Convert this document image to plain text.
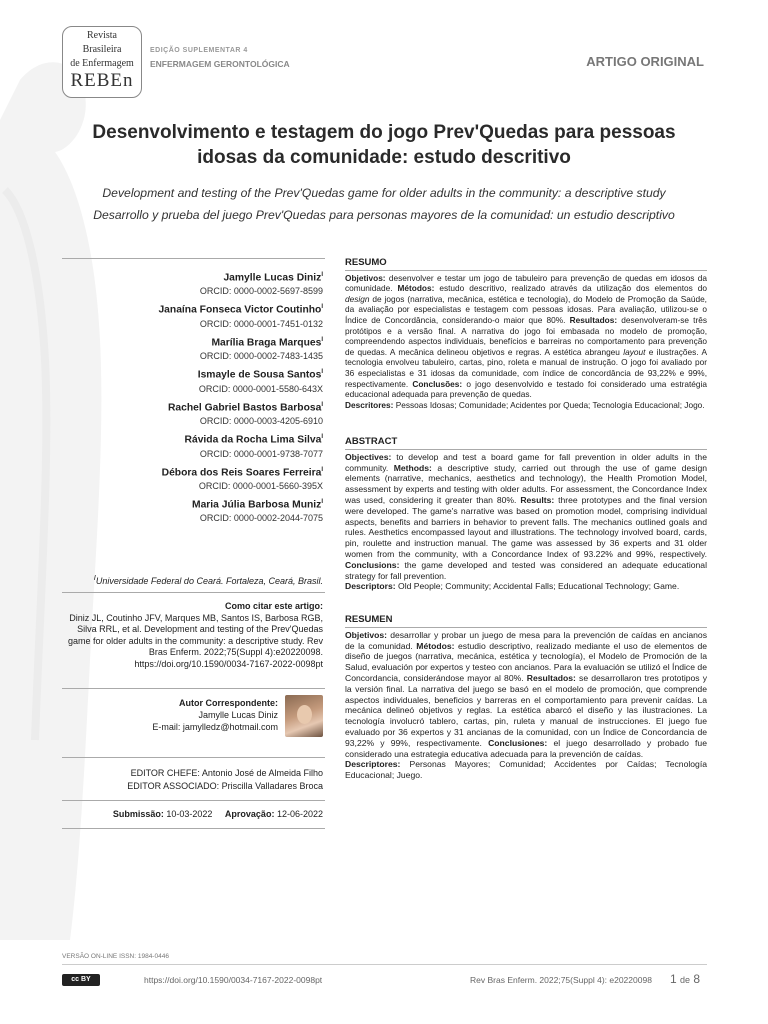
Revista
Brasileira
de Enfermagem
REBEn
EDIÇÃO SUPLEMENTAR 4
ENFERMAGEM GERONTOLÓGICA	ARTIGO ORIGINAL
Desenvolvimento e testagem do jogo Prev'Quedas para pessoas idosas da comunidade: estudo descritivo
Development and testing of the Prev'Quedas game for older adults in the community: a descriptive study
Desarrollo y prueba del juego Prev'Quedas para personas mayores de la comunidad: un estudio descriptivo
Jamylle Lucas Diniz$^I$
ORCID: 0000-0002-5697-8599
Janaína Fonseca Victor Coutinho$^I$
ORCID: 0000-0001-7451-0132
Marília Braga Marques$^I$
ORCID: 0000-0002-7483-1435
Ismayle de Sousa Santos$^I$
ORCID: 0000-0001-5580-643X
Rachel Gabriel Bastos Barbosa$^I$
ORCID: 0000-0003-4205-6910
Rávida da Rocha Lima Silva$^I$
ORCID: 0000-0001-9738-7077
Débora dos Reis Soares Ferreira$^I$
ORCID: 0000-0001-5660-395X
Maria Júlia Barbosa Muniz$^I$
ORCID: 0000-0002-2044-7075
$^I$Universidade Federal do Ceará. Fortaleza, Ceará, Brasil.
Como citar este artigo:
Diniz JL, Coutinho JFV, Marques MB, Santos IS, Barbosa RGB, Silva RRL, et al. Development and testing of the Prev'Quedas game for older adults in the community: a descriptive study. Rev Bras Enferm. 2022;75(Suppl 4):e20220098. https://doi.org/10.1590/0034-7167-2022-0098pt
Autor Correspondente:
Jamylle Lucas Diniz
E-mail: jamylledz@hotmail.com
EDITOR CHEFE: Antonio José de Almeida Filho
EDITOR ASSOCIADO: Priscilla Valladares Broca
Submissão: 10-03-2022 Aprovação: 12-06-2022
RESUMO
Objetivos: desenvolver e testar um jogo de tabuleiro para prevenção de quedas em idosos da comunidade. Métodos: estudo descritivo, realizado através da utilização dos elementos do design de jogos (narrativa, mecânica, estética e tecnologia), do Modelo de Promoção da Saúde, da avaliação por especialistas e testagem com pessoas idosas. Para avaliação, utilizou-se o Índice de Concordância, considerando-o maior que 80%. Resultados: desenvolveram-se três protótipos e a versão final. A narrativa do jogo foi embasada no modelo de promoção, compreendendo aspectos individuais, benefícios e barreiras no comportamento para prevenção de quedas. A mecânica delineou objetivos e regras. A estética abrangeu layout e ilustrações. A tecnologia envolveu tabuleiro, cartas, pino, roleta e manual de instrução. O jogo foi avaliado por 36 especialistas e 31 idosas da comunidade, com índice de concordância de 93,22% e 99%, respectivamente. Conclusões: o jogo desenvolvido e testado foi considerado uma estratégia educacional adequada para prevenção de quedas.
Descritores: Pessoas Idosas; Comunidade; Acidentes por Queda; Tecnologia Educacional; Jogo.
ABSTRACT
Objectives: to develop and test a board game for fall prevention in older adults in the community. Methods: a descriptive study, carried out through the use of game design elements (narrative, mechanics, aesthetics and technology), the Health Promotion Model, assessment by experts and testing with older adults. For assessment, the Concordance Index was used, considering it greater than 80%. Results: three prototypes and the final version were developed. The game's narrative was based on promotion model, comprising individual aspects, benefits and barriers in behavior to prevent falls. The mechanics outlined goals and rules. Aesthetics encompassed layout and illustrations. The technology involved board, cards, pin, roulette and instruction manual. The game was assessed by 36 experts and 31 older women from the community, with a Concordance Index of 93.22% and 99%, respectively. Conclusions: the game developed and tested was considered an adequate educational strategy for fall prevention.
Descriptors: Old People; Community; Accidental Falls; Educational Technology; Game.
RESUMEN
Objetivos: desarrollar y probar un juego de mesa para la prevención de caídas en ancianos de la comunidad. Métodos: estudio descriptivo, realizado mediante el uso de elementos de diseño de juegos (narrativa, mecánica, estética y tecnología), el Modelo de Promoción de la Salud, evaluación por expertos y testeo con ancianos. Para la evaluación se utilizó el Índice de Concordancia, considerándose mayor al 80%. Resultados: se desarrollaron tres prototipos y la versión final. La narrativa del juego se basó en el modelo de promoción, que comprende aspectos individuales, beneficios y barreras en el comportamiento para prevenir caídas. La mecánica delineó objetivos y reglas. La estética abarcó el diseño y las ilustraciones. La tecnología involucró tablero, cartas, pin, ruleta y manual de instrucciones. El juego fue evaluado por 36 expertos y 31 ancianas de la comunidad, con un Índice de Concordancia de 93,22% y 99%, respectivamente. Conclusiones: el juego desarrollado y probado fue considerado una estrategia educativa adecuada para la prevención de caídas.
Descriptores: Personas Mayores; Comunidad; Accidentes por Caídas; Tecnología Educacional; Juego.
VERSÃO ON-LINE ISSN: 1984-0446
cc BY	https://doi.org/10.1590/0034-7167-2022-0098pt	Rev Bras Enferm. 2022;75(Suppl 4): e20220098 1 de 8
